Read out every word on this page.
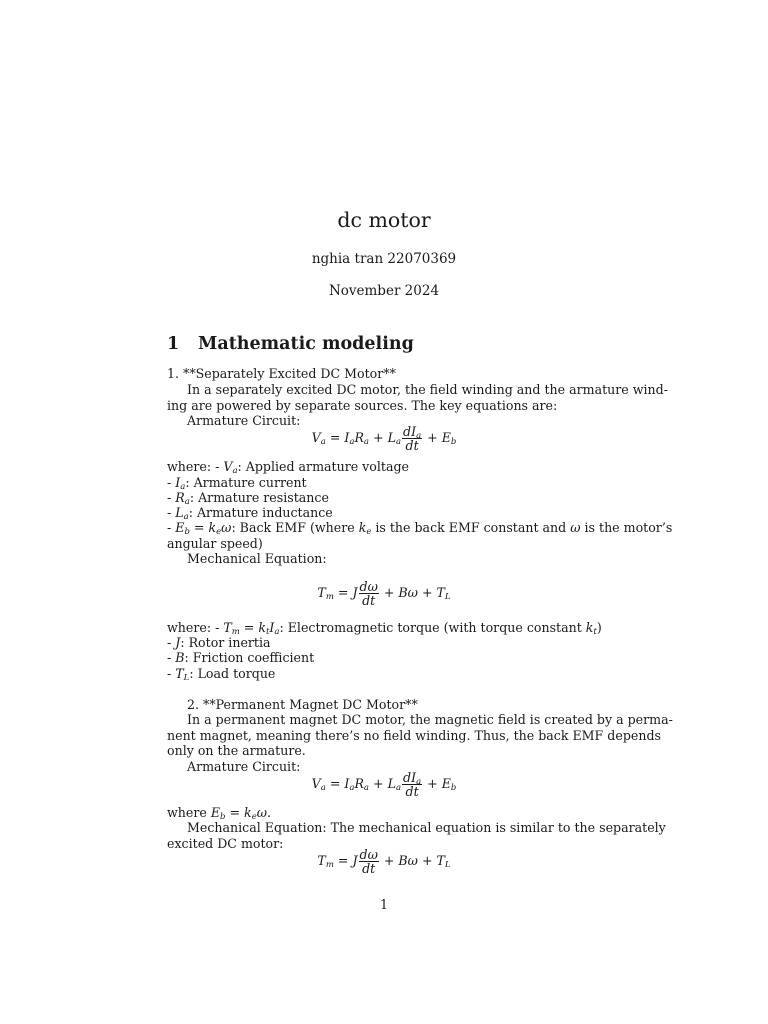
dc motor
nghia tran 22070369
November 2024
1 Mathematic modeling
1. **Separately Excited DC Motor**
In a separately excited DC motor, the field winding and the armature wind-
ing are powered by separate sources. The key equations are:
Armature Circuit:
$V_a = I_aR_a + L_a \frac{dI_a}{dt} + E_b$
where: - $V_a$: Applied armature voltage
- $I_a$: Armature current
- $R_a$: Armature resistance
- $L_a$: Armature inductance
- $E_b = k_e\omega$: Back EMF (where $k_e$ is the back EMF constant and ω is the motor’s
angular speed)
Mechanical Equation:
$T_m = J \frac{d\omega}{dt} + B\omega + T_L$
where: - $T_m = k_tI_a$: Electromagnetic torque (with torque constant $k_t$)
- J: Rotor inertia
- B: Friction coefficient
- $T_L$: Load torque
2. **Permanent Magnet DC Motor**
In a permanent magnet DC motor, the magnetic field is created by a perma-
nent magnet, meaning there’s no field winding. Thus, the back EMF depends
only on the armature.
Armature Circuit:
$V_a = I_aR_a + L_a \frac{dI_a}{dt} + E_b$
where $E_b = k_e\omega$.
Mechanical Equation: The mechanical equation is similar to the separately
excited DC motor:
$T_m = J \frac{d\omega}{dt} + B\omega + T_L$
1
